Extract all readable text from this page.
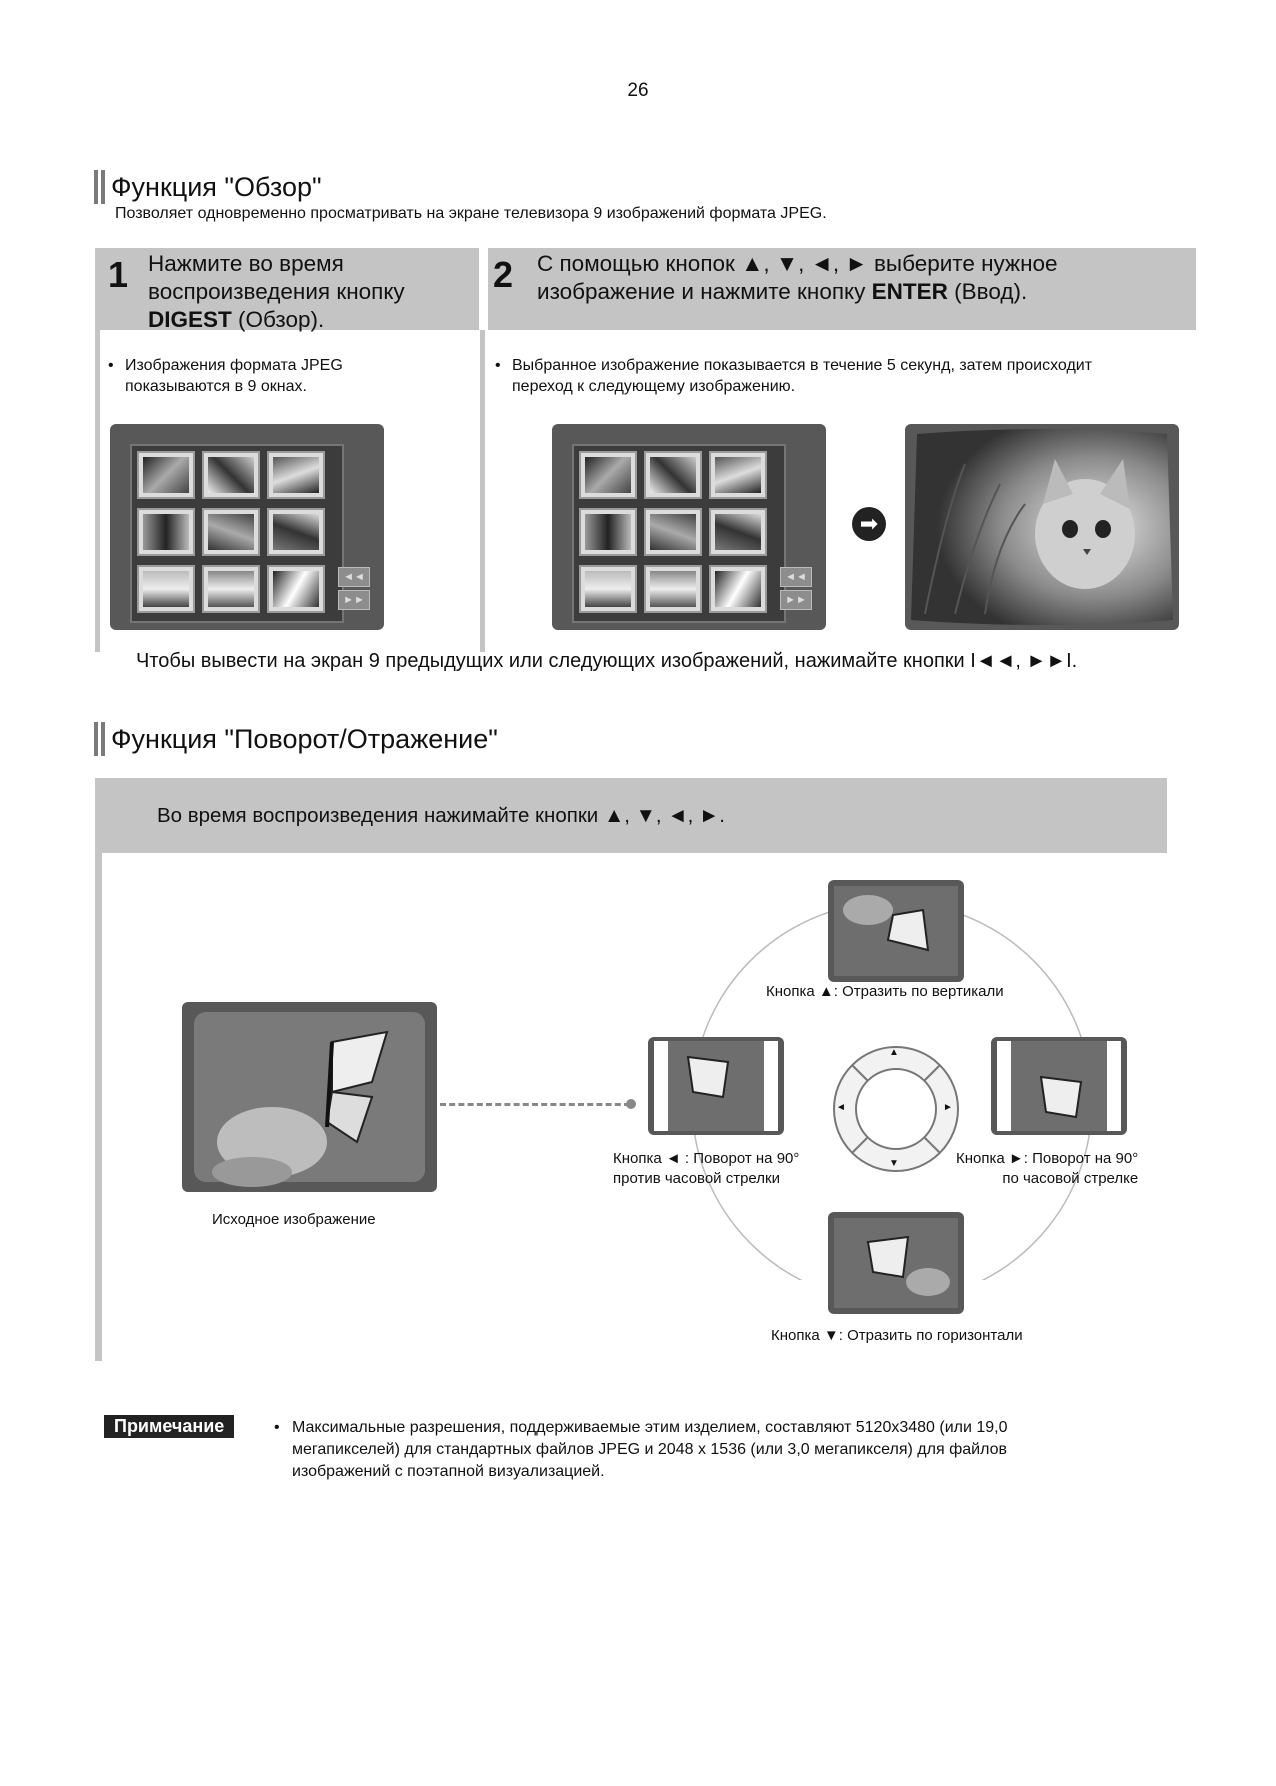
26
Функция "Обзор"
Позволяет одновременно просматривать на экране телевизора 9 изображений формата JPEG.
1 Нажмите во время
воспроизведения кнопку
DIGEST (Обзор).
2 С помощью кнопок ▲, ▼, ◄, ► выберите нужное
изображение и нажмите кнопку ENTER (Ввод).
• Изображения формата JPEG
показываются в 9 окнах.
• Выбранное изображение показывается в течение 5 секунд, затем происходит
переход к следующему изображению.
◄◄
►►
◄◄
►►
➡
Чтобы вывести на экран 9 предыдущих или следующих изображений, нажимайте кнопки I◄◄, ►►I.
Функция "Поворот/Отражение"
Во время воспроизведения нажимайте кнопки ▲, ▼, ◄, ►.
Исходное изображение
Кнопка ▲: Отразить по вертикали
Кнопка ◄ : Поворот на 90°
против часовой стрелки
Кнопка ►: Поворот на 90°
по часовой стрелке
Кнопка ▼: Отразить по горизонтали
▲
▼
◄	►
Примечание	• Максимальные разрешения, поддерживаемые этим изделием, составляют 5120x3480 (или 19,0
мегапикселей) для стандартных файлов JPEG и 2048 x 1536 (или 3,0 мегапикселя) для файлов
изображений с поэтапной визуализацией.
